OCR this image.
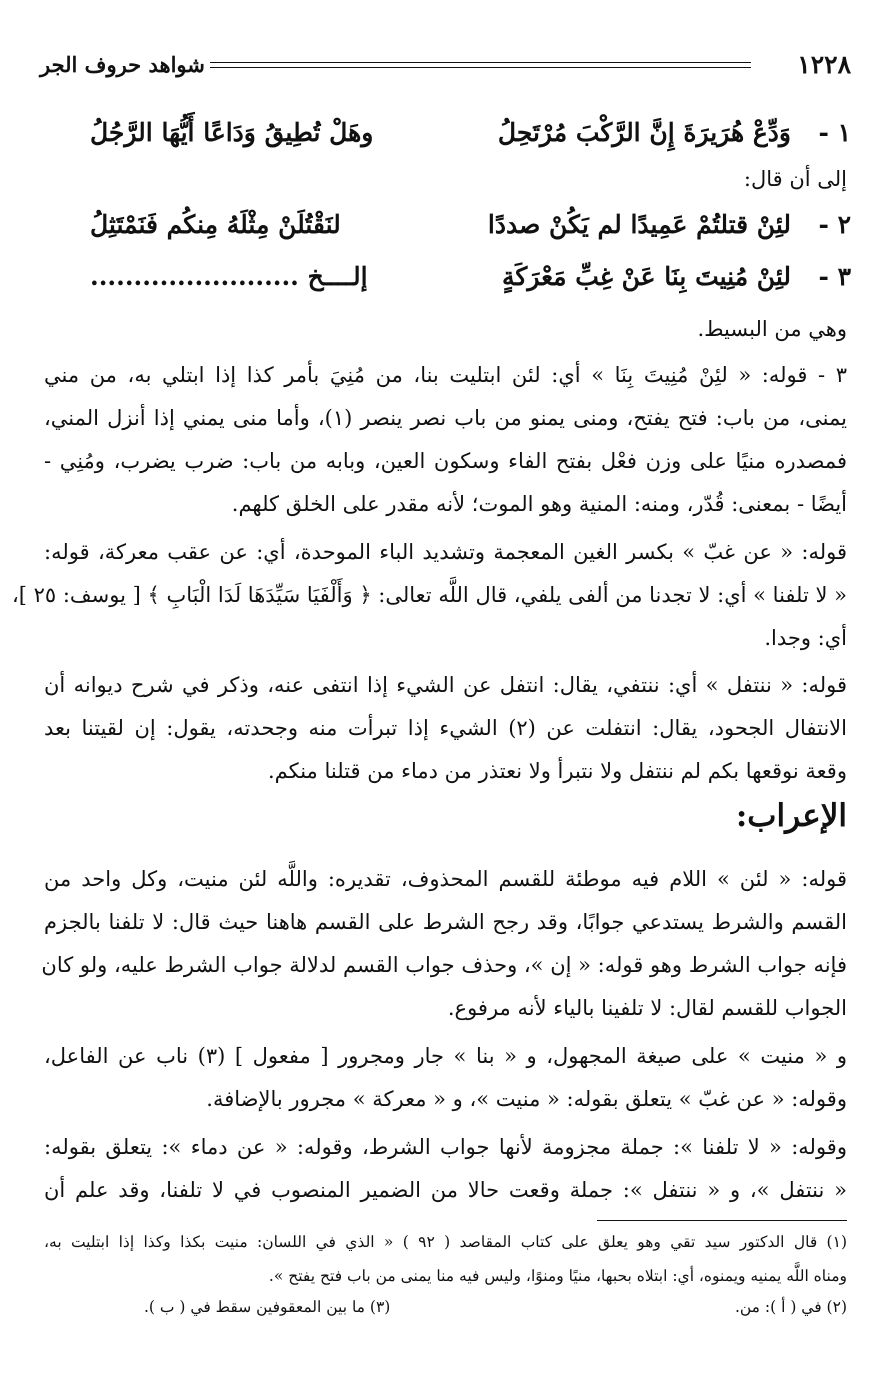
١٢٢٨
شواهد حروف الجر
١ -
وَدِّعْ هُرَيرَةَ إِنَّ الرَّكْبَ مُرْتَحِلُ
وهَلْ تُطِيقُ وَدَاعًا أَيُّهَا الرَّجُلُ
إلى أن قال:
٢ -
لئِنْ قتلتُمْ عَمِيدًا لم يَكُنْ صددًا
لنَقْتُلَنْ مِثْلَهُ مِنكُم فَنَمْتَثِلُ
٣ -
لئِنْ مُنِيتَ بِنَا عَنْ غِبِّ مَعْرَكَةٍ
إلــــخ ........................
وهي من البسيط.
٣ - قوله: « لئِنْ مُنِيتَ بِنَا » أي: لئن ابتليت بنا، من مُنِيَ بأمر كذا إذا ابتلي به، من مني
يمنى، من باب: فتح يفتح، ومنى يمنو من باب نصر ينصر (١)، وأما منى يمني إذا أنزل المني،
فمصدره منيًا على وزن فعْل بفتح الفاء وسكون العين، وبابه من باب: ضرب يضرب، ومُنِي -
أيضًا - بمعنى: قُدّر، ومنه: المنية وهو الموت؛ لأنه مقدر على الخلق كلهم.
قوله: « عن غبّ » بكسر الغين المعجمة وتشديد الباء الموحدة، أي: عن عقب معركة، قوله:
« لا تلفنا » أي: لا تجدنا من ألفى يلفي، قال اللَّه تعالى: ﴿ وَأَلْفَيَا سَيِّدَهَا لَدَا الْبَابِ ﴾ [ يوسف: ٢٥ ]،
أي: وجدا.
قوله: « ننتفل » أي: ننتفي، يقال: انتفل عن الشيء إذا انتفى عنه، وذكر في شرح ديوانه أن
الانتفال الجحود، يقال: انتفلت عن (٢) الشيء إذا تبرأت منه وجحدته، يقول: إن لقيتنا بعد
وقعة نوقعها بكم لم ننتفل ولا نتبرأ ولا نعتذر من دماء من قتلنا منكم.
الإعراب:
قوله: « لئن » اللام فيه موطئة للقسم المحذوف، تقديره: واللَّه لئن منيت، وكل واحد من
القسم والشرط يستدعي جوابًا، وقد رجح الشرط على القسم هاهنا حيث قال: لا تلفنا بالجزم
فإنه جواب الشرط وهو قوله: « إن »، وحذف جواب القسم لدلالة جواب الشرط عليه، ولو كان
الجواب للقسم لقال: لا تلفينا بالياء لأنه مرفوع.
و « منيت » على صيغة المجهول، و « بنا » جار ومجرور [ مفعول ] (٣) ناب عن الفاعل،
وقوله: « عن غبّ » يتعلق بقوله: « منيت »، و « معركة » مجرور بالإضافة.
وقوله: « لا تلفنا »: جملة مجزومة لأنها جواب الشرط، وقوله: « عن دماء »: يتعلق بقوله:
« ننتفل »، و « ننتفل »: جملة وقعت حالا من الضمير المنصوب في لا تلفنا، وقد علم أن
(١) قال الدكتور سيد تقي وهو يعلق على كتاب المقاصد ( ٩٢ ) « الذي في اللسان: منيت بكذا وكذا إذا ابتليت به،
ومناه اللَّه يمنيه ويمنوه، أي: ابتلاه بحبها، منيًا ومنوًا، وليس فيه منا يمنى من باب فتح يفتح ».
(٢) في ( أ ): من.
(٣) ما بين المعقوفين سقط في ( ب ).
